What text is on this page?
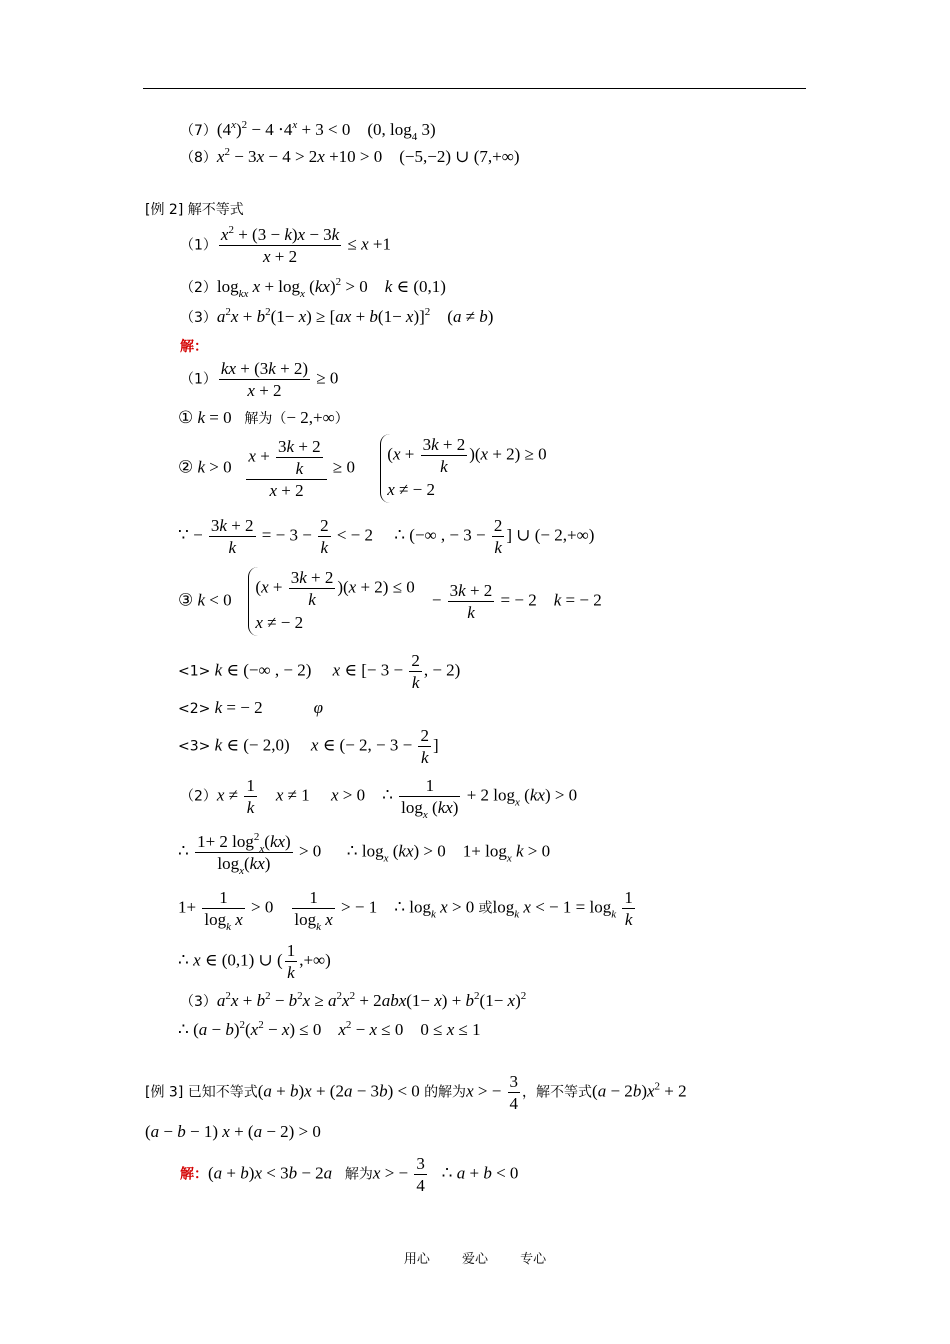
$(7)(4^x)^2 - 4 \cdot 4^x + 3 < 0$    (0, $\log_4 3$)
$(8)x^2 - 3x - 4 > 2x +10 > 0$    (−5,−2) ∪ (7,+∞)
[例 2] 解不等式
$(1) \frac{x^2 + (3 - k)x - 3k}{x + 2} \le x +1$
$(2)\log_{kx}$ $x + \log_x (kx)^2 > 0$    k ∈ (0,1)
$(3)a^2x + b^2(1- x) \ge [ax + b(1- x)]^2$    (a ≠ b)
解：
$(1) \frac{kx + (3k + 2)}{x + 2} \ge 0$
① k = 0   解为（− 2,+∞）
② $k > 0 \frac{x + \frac{3k + 2}{k}}{x + 2} \ge 0$
$(x + \frac{3k + 2}{k} )(x + 2) \ge 0$
x ≠ − 2
∵ − $\frac{3k + 2}{k}$ = − $3 - \frac{2}{k}$ < − 2     ∴ (−∞ , − $3 - \frac{2}{k}$ ] ∪ (− 2,+∞)
③ k < 0
$(x + \frac{3k + 2}{k} )(x + 2) \le 0$
x ≠ − 2
− $\frac{3k + 2}{k}$ = − 2    k = − 2
<1> k ∈ (−∞ , − 2)     x ∈ [− $3 - \frac{2}{k}$ , − 2)
<2> k = − 2            φ
<3> k ∈ (− 2,0)     x ∈ (− 2, − $3 - \frac{2}{k}$ ]
$(2)x \ne \frac{1}{k}$ x ≠ 1     x > 0    ∴ $\frac{1}{\log_x (kx)} + 2$ $\log_x (kx) > 0$
∴ $\frac{1+ 2 \log^2_x(kx)}{\log_x(kx)} > 0$      ∴ $\log_x (kx) > 0$    $1+ \log_x k > 0$
$1+ \frac{1}{\log_k x} > 0 \frac{1}{\log_k x}$ > − 1    ∴ $\log_k x > 0$ 或$\log_k x$ < − $1 = \log_k \frac{1}{k}$
∴ x ∈ (0,1) ∪ ( $\frac{1}{k}$ ,+∞)
$(3)a^2x + b^2 - b^2x \ge a^2x^2 + 2abx(1- x) + b^2(1- x)^2$
∴ $(a - b)^2(x^2 - x) \le 0$    $x^2 - x \le 0$    0 ≤ x ≤ 1
[例 3] 已知不等式(a + b)x + (2a − 3b) < 0 的解为x > − $\frac{3}{4}$ ，解不等式$(a - 2b)x^2 + 2$
(a − b − 1) x + (a − 2) > 0
解：(a + b)x < 3b − 2a 解为x > − $\frac{3}{4}$ ∴ a + b < 0
用心 爱心 专心
